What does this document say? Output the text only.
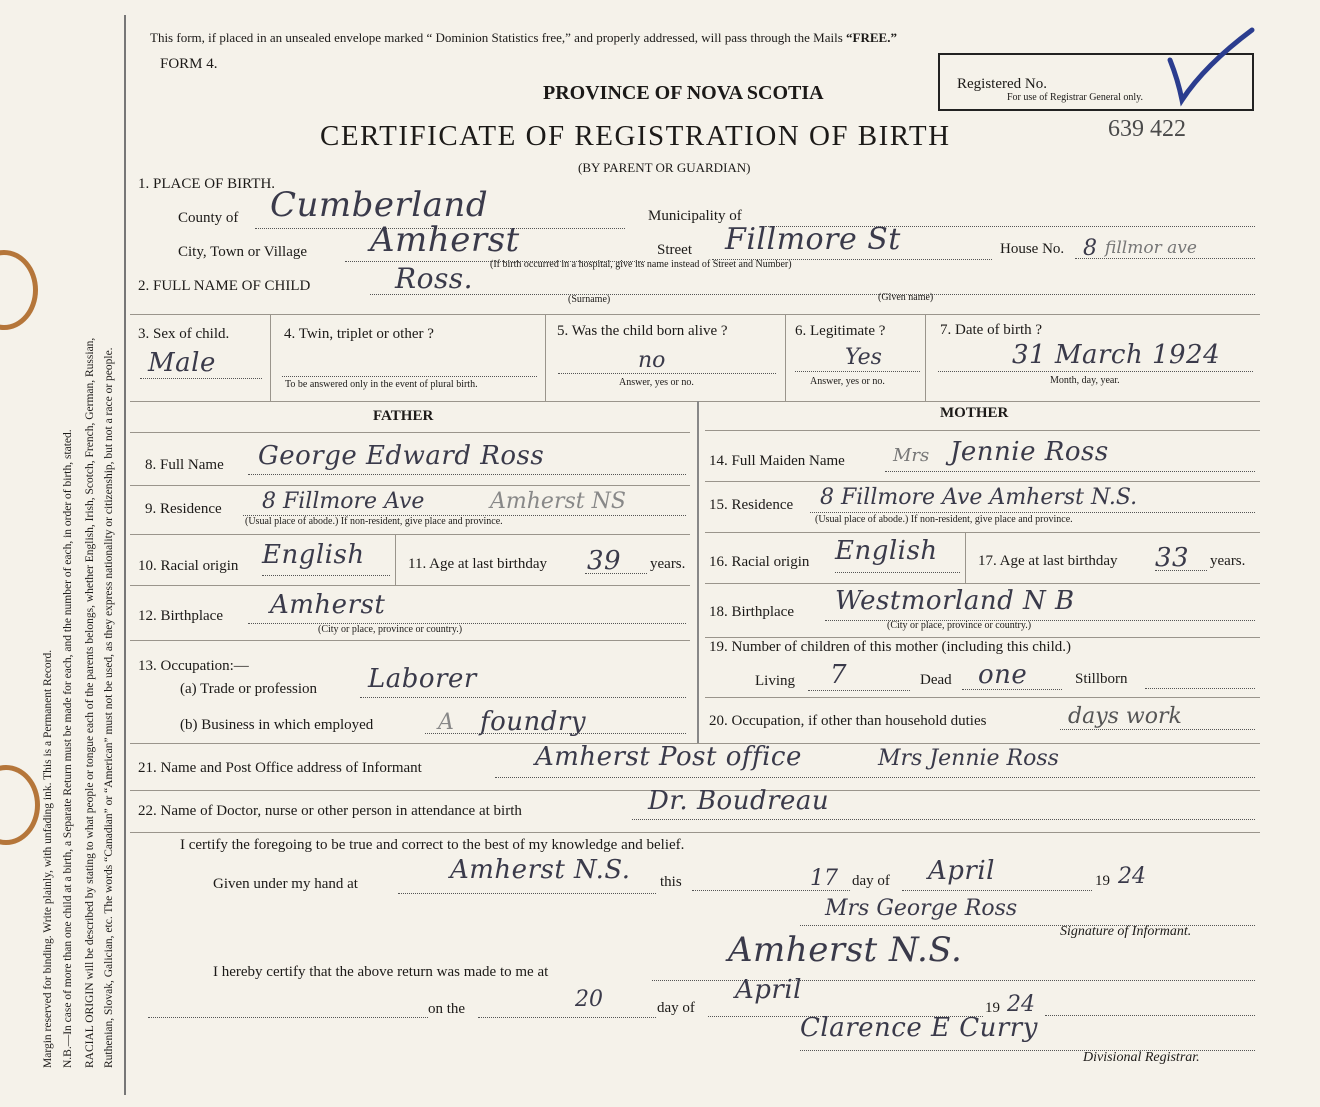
Margin reserved for binding. Write plainly, with unfading ink. This is a Permanent Record. N.B.—In case of more than one child at a birth, a Separate Return must be made for each, and the number of each, in order of birth, stated. RACIAL ORIGIN will be described by stating to what people or tongue each of the parents belongs, whether English, Irish, Scotch, French, German, Russian, Ruthenian, Slovak, Galician, etc. The words “Canadian” or “American” must not be used, as they express nationality or citizenship, but not a race or people.
This form, if placed in an unsealed envelope marked “ Dominion Statistics free,” and properly addressed, will pass through the Mails “FREE.”
FORM 4.
PROVINCE OF NOVA SCOTIA
CERTIFICATE OF REGISTRATION OF BIRTH
(BY PARENT OR GUARDIAN)
Registered No.
For use of Registrar General only.
639 422
1. PLACE OF BIRTH.
County of Cumberland	Municipality of
City, Town or Village Amherst	Street Fillmore St	House No. 8 fillmor ave
(If birth occurred in a hospital, give its name instead of Street and Number)
2. FULL NAME OF CHILD	Ross.
(Surname)	(Given name)
3. Sex of child.
Male
4. Twin, triplet or other ?
To be answered only in the event of plural birth.
5. Was the child born alive ?
no
Answer, yes or no.
6. Legitimate ?
Yes
Answer, yes or no.
7. Date of birth ?
31 March 1924
Month, day, year.
FATHER	MOTHER
8. Full Name George Edward Ross	14. Full Maiden Name	Mrs Jennie Ross
9. Residence 8 Fillmore Ave	Amherst NS
(Usual place of abode.) If non-resident, give place and province.
15. Residence 8 Fillmore Ave Amherst N.S.
(Usual place of abode.) If non-resident, give place and province.
10. Racial origin English	11. Age at last birthday 39 years. 16. Racial origin English	17. Age at last birthday 33 years.
12. Birthplace Amherst
(City or place, province or country.)
18. Birthplace Westmorland N B
(City or place, province or country.)
13. Occupation:—
(a) Trade or profession Laborer
(b) Business in which employed	A foundry
19. Number of children of this mother (including this child.)
Living 7	Dead one	Stillborn
20. Occupation, if other than household duties	days work
21. Name and Post Office address of Informant	Amherst Post office	Mrs Jennie Ross
22. Name of Doctor, nurse or other person in attendance at birth	Dr. Boudreau
I certify the foregoing to be true and correct to the best of my knowledge and belief.
Given under my hand at	Amherst N.S. this	17 day of April	19 24
Mrs George Ross
Signature of Informant.
Amherst N.S.
I hereby certify that the above return was made to me at
on the	20	day of
April
19 24
Clarence E Curry
Divisional Registrar.
